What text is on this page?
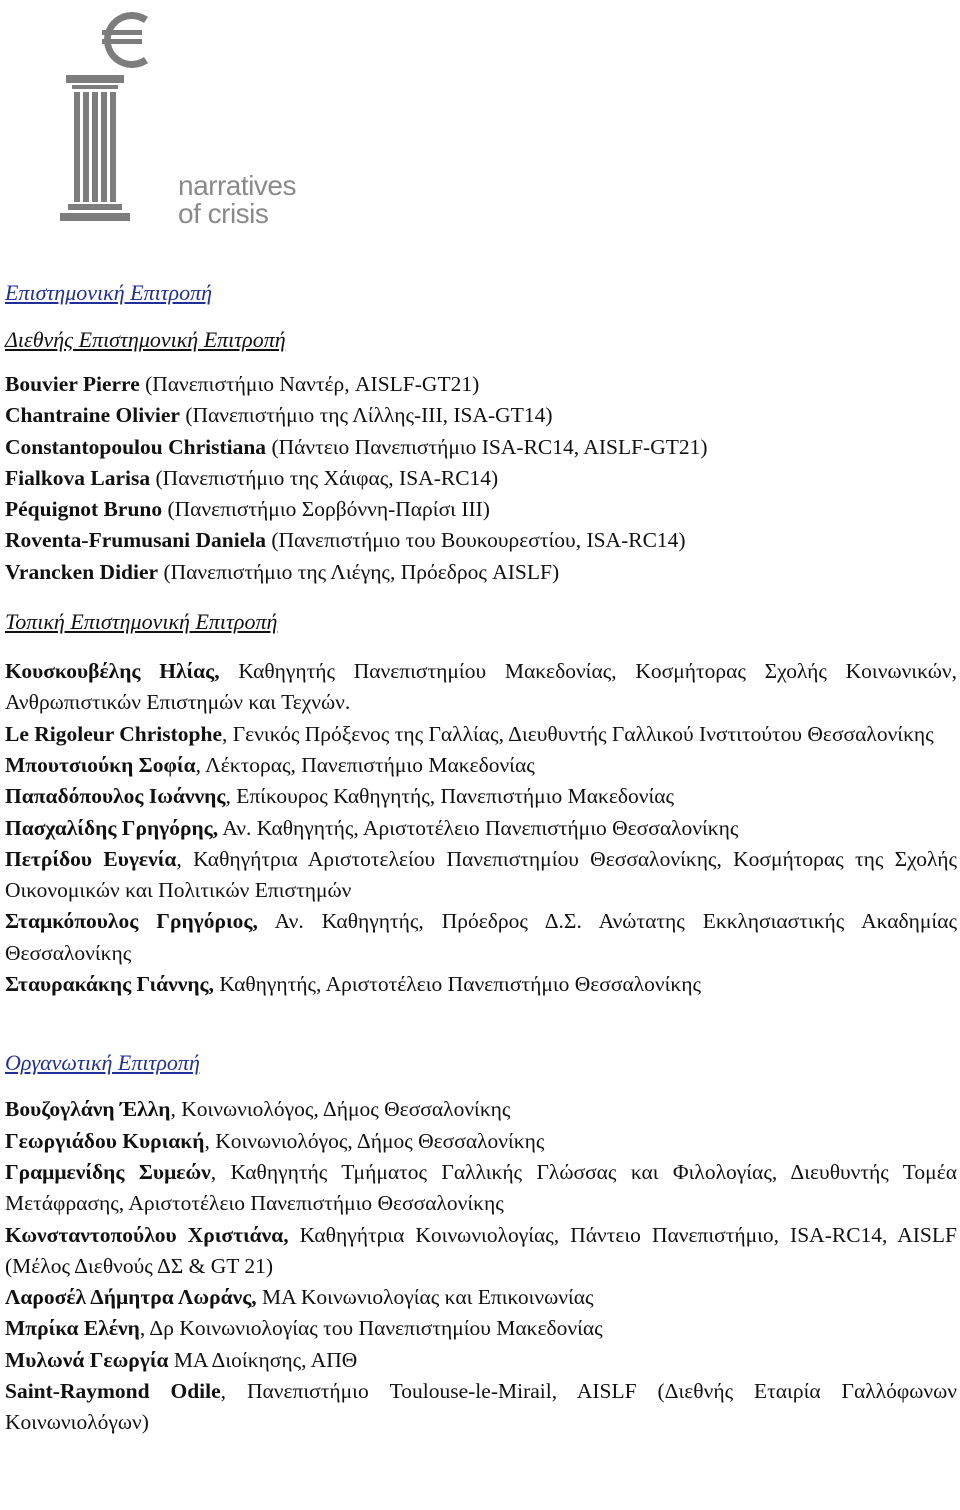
narratives
of crisis
Επιστημονική Επιτροπή
Διεθνής Επιστημονική Επιτροπή
Bouvier Pierre (Πανεπιστήμιο Ναντέρ, AISLF-GT21)
Chantraine Olivier (Πανεπιστήμιο της Λίλλης-ΙΙΙ, ISA-GT14)
Constantopoulou Christiana (Πάντειο Πανεπιστήμιο ISA-RC14, AISLF-GT21)
Fialkova Larisa (Πανεπιστήμιο της Χάιφας, ISA-RC14)
Péquignot Bruno (Πανεπιστήμιο Σορβόννη-Παρίσι ΙΙΙ)
Roventa-Frumusani Daniela (Πανεπιστήμιο του Βουκουρεστίου, ISA-RC14)
Vrancken Didier (Πανεπιστήμιο της Λιέγης, Πρόεδρος AISLF)
Τοπική Επιστημονική Επιτροπή
Κουσκουβέλης Ηλίας, Καθηγητής Πανεπιστημίου Μακεδονίας, Κοσμήτορας Σχολής Κοινωνικών, Ανθρωπιστικών Επιστημών και Τεχνών.
Le Rigoleur Christophe, Γενικός Πρόξενος της Γαλλίας, Διευθυντής Γαλλικού Ινστιτούτου Θεσσαλονίκης
Μπουτσιούκη Σοφία, Λέκτορας, Πανεπιστήμιο Μακεδονίας
Παπαδόπουλος Ιωάννης, Επίκουρος Καθηγητής, Πανεπιστήμιο Μακεδονίας
Πασχαλίδης Γρηγόρης, Αν. Καθηγητής, Αριστοτέλειο Πανεπιστήμιο Θεσσαλονίκης
Πετρίδου Ευγενία, Καθηγήτρια Αριστοτελείου Πανεπιστημίου Θεσσαλονίκης, Κοσμήτορας της Σχολής Οικονομικών και Πολιτικών Επιστημών
Σταμκόπουλος Γρηγόριος, Αν. Καθηγητής, Πρόεδρος Δ.Σ. Ανώτατης Εκκλησιαστικής Ακαδημίας Θεσσαλονίκης
Σταυρακάκης Γιάννης, Καθηγητής, Αριστοτέλειο Πανεπιστήμιο Θεσσαλονίκης
Οργανωτική Επιτροπή
Βουζογλάνη Έλλη, Κοινωνιολόγος, Δήμος Θεσσαλονίκης
Γεωργιάδου Κυριακή, Κοινωνιολόγος, Δήμος Θεσσαλονίκης
Γραμμενίδης Συμεών, Καθηγητής Τμήματος Γαλλικής Γλώσσας και Φιλολογίας, Διευθυντής Τομέα Μετάφρασης, Αριστοτέλειο Πανεπιστήμιο Θεσσαλονίκης
Κωνσταντοπούλου Χριστιάνα, Καθηγήτρια Κοινωνιολογίας, Πάντειο Πανεπιστήμιο, ISA-RC14, AISLF (Μέλος Διεθνούς ΔΣ & GT 21)
Λαροσέλ Δήμητρα Λωράνς, ΜΑ Κοινωνιολογίας και Επικοινωνίας
Μπρίκα Ελένη, Δρ Κοινωνιολογίας του Πανεπιστημίου Μακεδονίας
Μυλωνά Γεωργία ΜΑ Διοίκησης, ΑΠΘ
Saint-Raymond Odile, Πανεπιστήμιο Toulouse-le-Mirail, AISLF (Διεθνής Εταιρία Γαλλόφωνων Κοινωνιολόγων)
